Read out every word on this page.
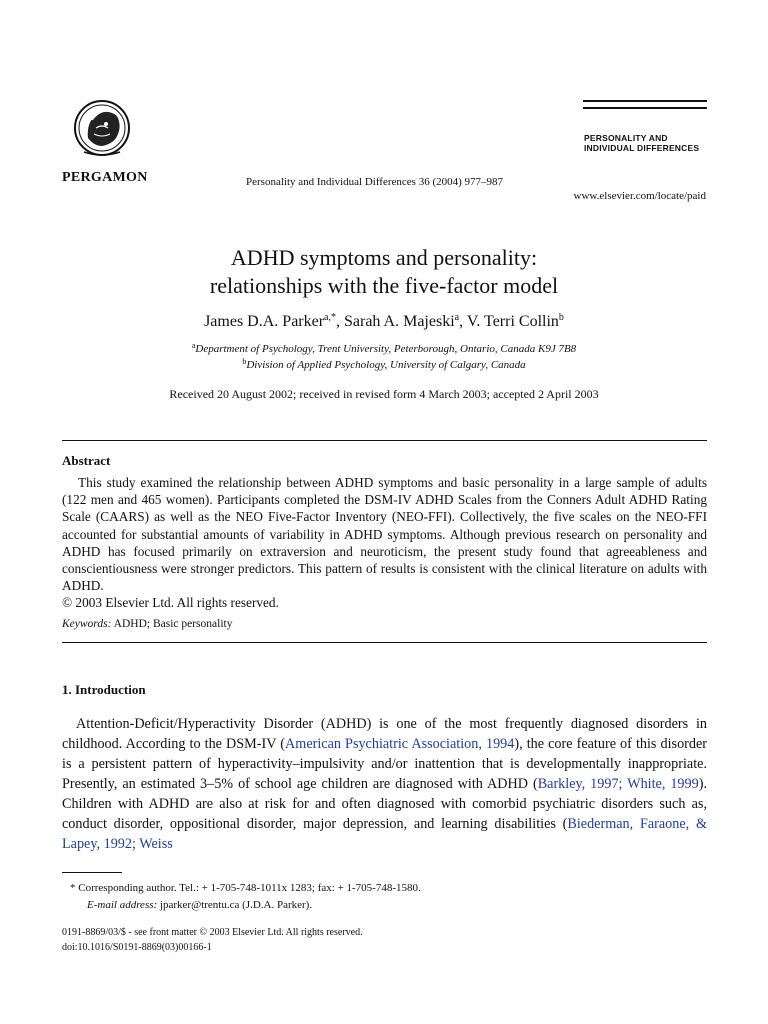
PERGAMON	Personality and Individual Differences 36 (2004) 977–987
PERSONALITY AND
INDIVIDUAL DIFFERENCES
www.elsevier.com/locate/paid
ADHD symptoms and personality:
relationships with the five-factor model
James D.A. Parker$^{a,*}$, Sarah A. Majeski$^a$, V. Terri Collin$^b$
$^a$Department of Psychology, Trent University, Peterborough, Ontario, Canada K9J 7B8
$^b$Division of Applied Psychology, University of Calgary, Canada
Received 20 August 2002; received in revised form 4 March 2003; accepted 2 April 2003
Abstract

This study examined the relationship between ADHD symptoms and basic personality in a large sample of adults (122 men and 465 women). Participants completed the DSM-IV ADHD Scales from the Conners Adult ADHD Rating Scale (CAARS) as well as the NEO Five-Factor Inventory (NEO-FFI). Collectively, the five scales on the NEO-FFI accounted for substantial amounts of variability in ADHD symptoms. Although previous research on personality and ADHD has focused primarily on extraversion and neuroticism, the present study found that agreeableness and conscientiousness were stronger predictors. This pattern of results is consistent with the clinical literature on adults with ADHD.

© 2003 Elsevier Ltd. All rights reserved.

Keywords: ADHD; Basic personality
1. Introduction

Attention-Deficit/Hyperactivity Disorder (ADHD) is one of the most frequently diagnosed disorders in childhood. According to the DSM-IV (American Psychiatric Association, 1994), the core feature of this disorder is a persistent pattern of hyperactivity–impulsivity and/or inattention that is developmentally inappropriate. Presently, an estimated 3–5% of school age children are diagnosed with ADHD (Barkley, 1997; White, 1999). Children with ADHD are also at risk for and often diagnosed with comorbid psychiatric disorders such as, conduct disorder, oppositional disorder, major depression, and learning disabilities (Biederman, Faraone, & Lapey, 1992; Weiss

* Corresponding author. Tel.: + 1-705-748-1011x 1283; fax: + 1-705-748-1580.
E-mail address: jparker@trentu.ca (J.D.A. Parker).
0191-8869/03/$ - see front matter © 2003 Elsevier Ltd. All rights reserved.
doi:10.1016/S0191-8869(03)00166-1
